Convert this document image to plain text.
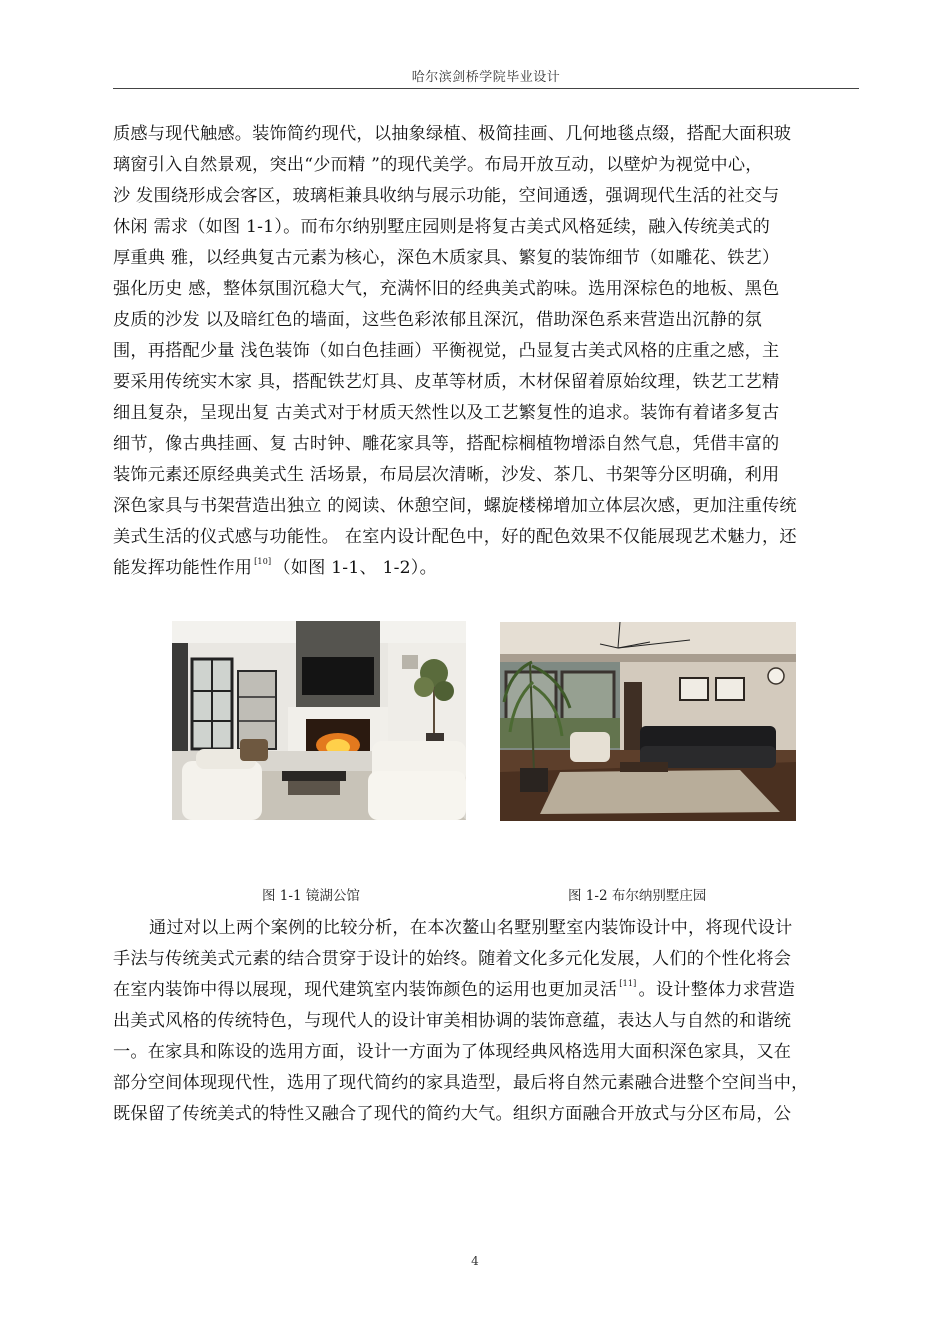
哈尔滨剑桥学院毕业设计
质感与现代触感。装饰简约现代，以抽象绿植、极简挂画、几何地毯点缀，搭配大面积玻
璃窗引入自然景观，突出“少而精 ”的现代美学。布局开放互动，以壁炉为视觉中心，
沙 发围绕形成会客区，玻璃柜兼具收纳与展示功能，空间通透，强调现代生活的社交与
休闲 需求（如图 1-1）。而布尔纳别墅庄园则是将复古美式风格延续，融入传统美式的
厚重典 雅，以经典复古元素为核心，深色木质家具、繁复的装饰细节（如雕花、铁艺）
强化历史 感，整体氛围沉稳大气，充满怀旧的经典美式韵味。选用深棕色的地板、黑色
皮质的沙发 以及暗红色的墙面，这些色彩浓郁且深沉，借助深色系来营造出沉静的氛
围，再搭配少量 浅色装饰（如白色挂画）平衡视觉，凸显复古美式风格的庄重之感，主
要采用传统实木家 具，搭配铁艺灯具、皮革等材质，木材保留着原始纹理，铁艺工艺精
细且复杂，呈现出复 古美式对于材质天然性以及工艺繁复性的追求。装饰有着诸多复古
细节，像古典挂画、复 古时钟、雕花家具等，搭配棕榈植物增添自然气息，凭借丰富的
装饰元素还原经典美式生 活场景，布局层次清晰，沙发、茶几、书架等分区明确，利用
深色家具与书架营造出独立 的阅读、休憩空间，螺旋楼梯增加立体层次感，更加注重传统
美式生活的仪式感与功能性。 在室内设计配色中，好的配色效果不仅能展现艺术魅力，还
能发挥功能性作用 [10] （如图 1-1、 1-2）。
图 1-1 镜湖公馆	图 1-2 布尔纳别墅庄园
通过对以上两个案例的比较分析，在本次鳌山名墅别墅室内装饰设计中，将现代设计
手法与传统美式元素的结合贯穿于设计的始终。随着文化多元化发展，人们的个性化将会
在室内装饰中得以展现，现代建筑室内装饰颜色的运用也更加灵活 [11] 。设计整体力求营造
出美式风格的传统特色，与现代人的设计审美相协调的装饰意蕴，表达人与自然的和谐统
一。在家具和陈设的选用方面，设计一方面为了体现经典风格选用大面积深色家具，又在
部分空间体现现代性，选用了现代简约的家具造型，最后将自然元素融合进整个空间当中，
既保留了传统美式的特性又融合了现代的简约大气。组织方面融合开放式与分区布局，公
4
